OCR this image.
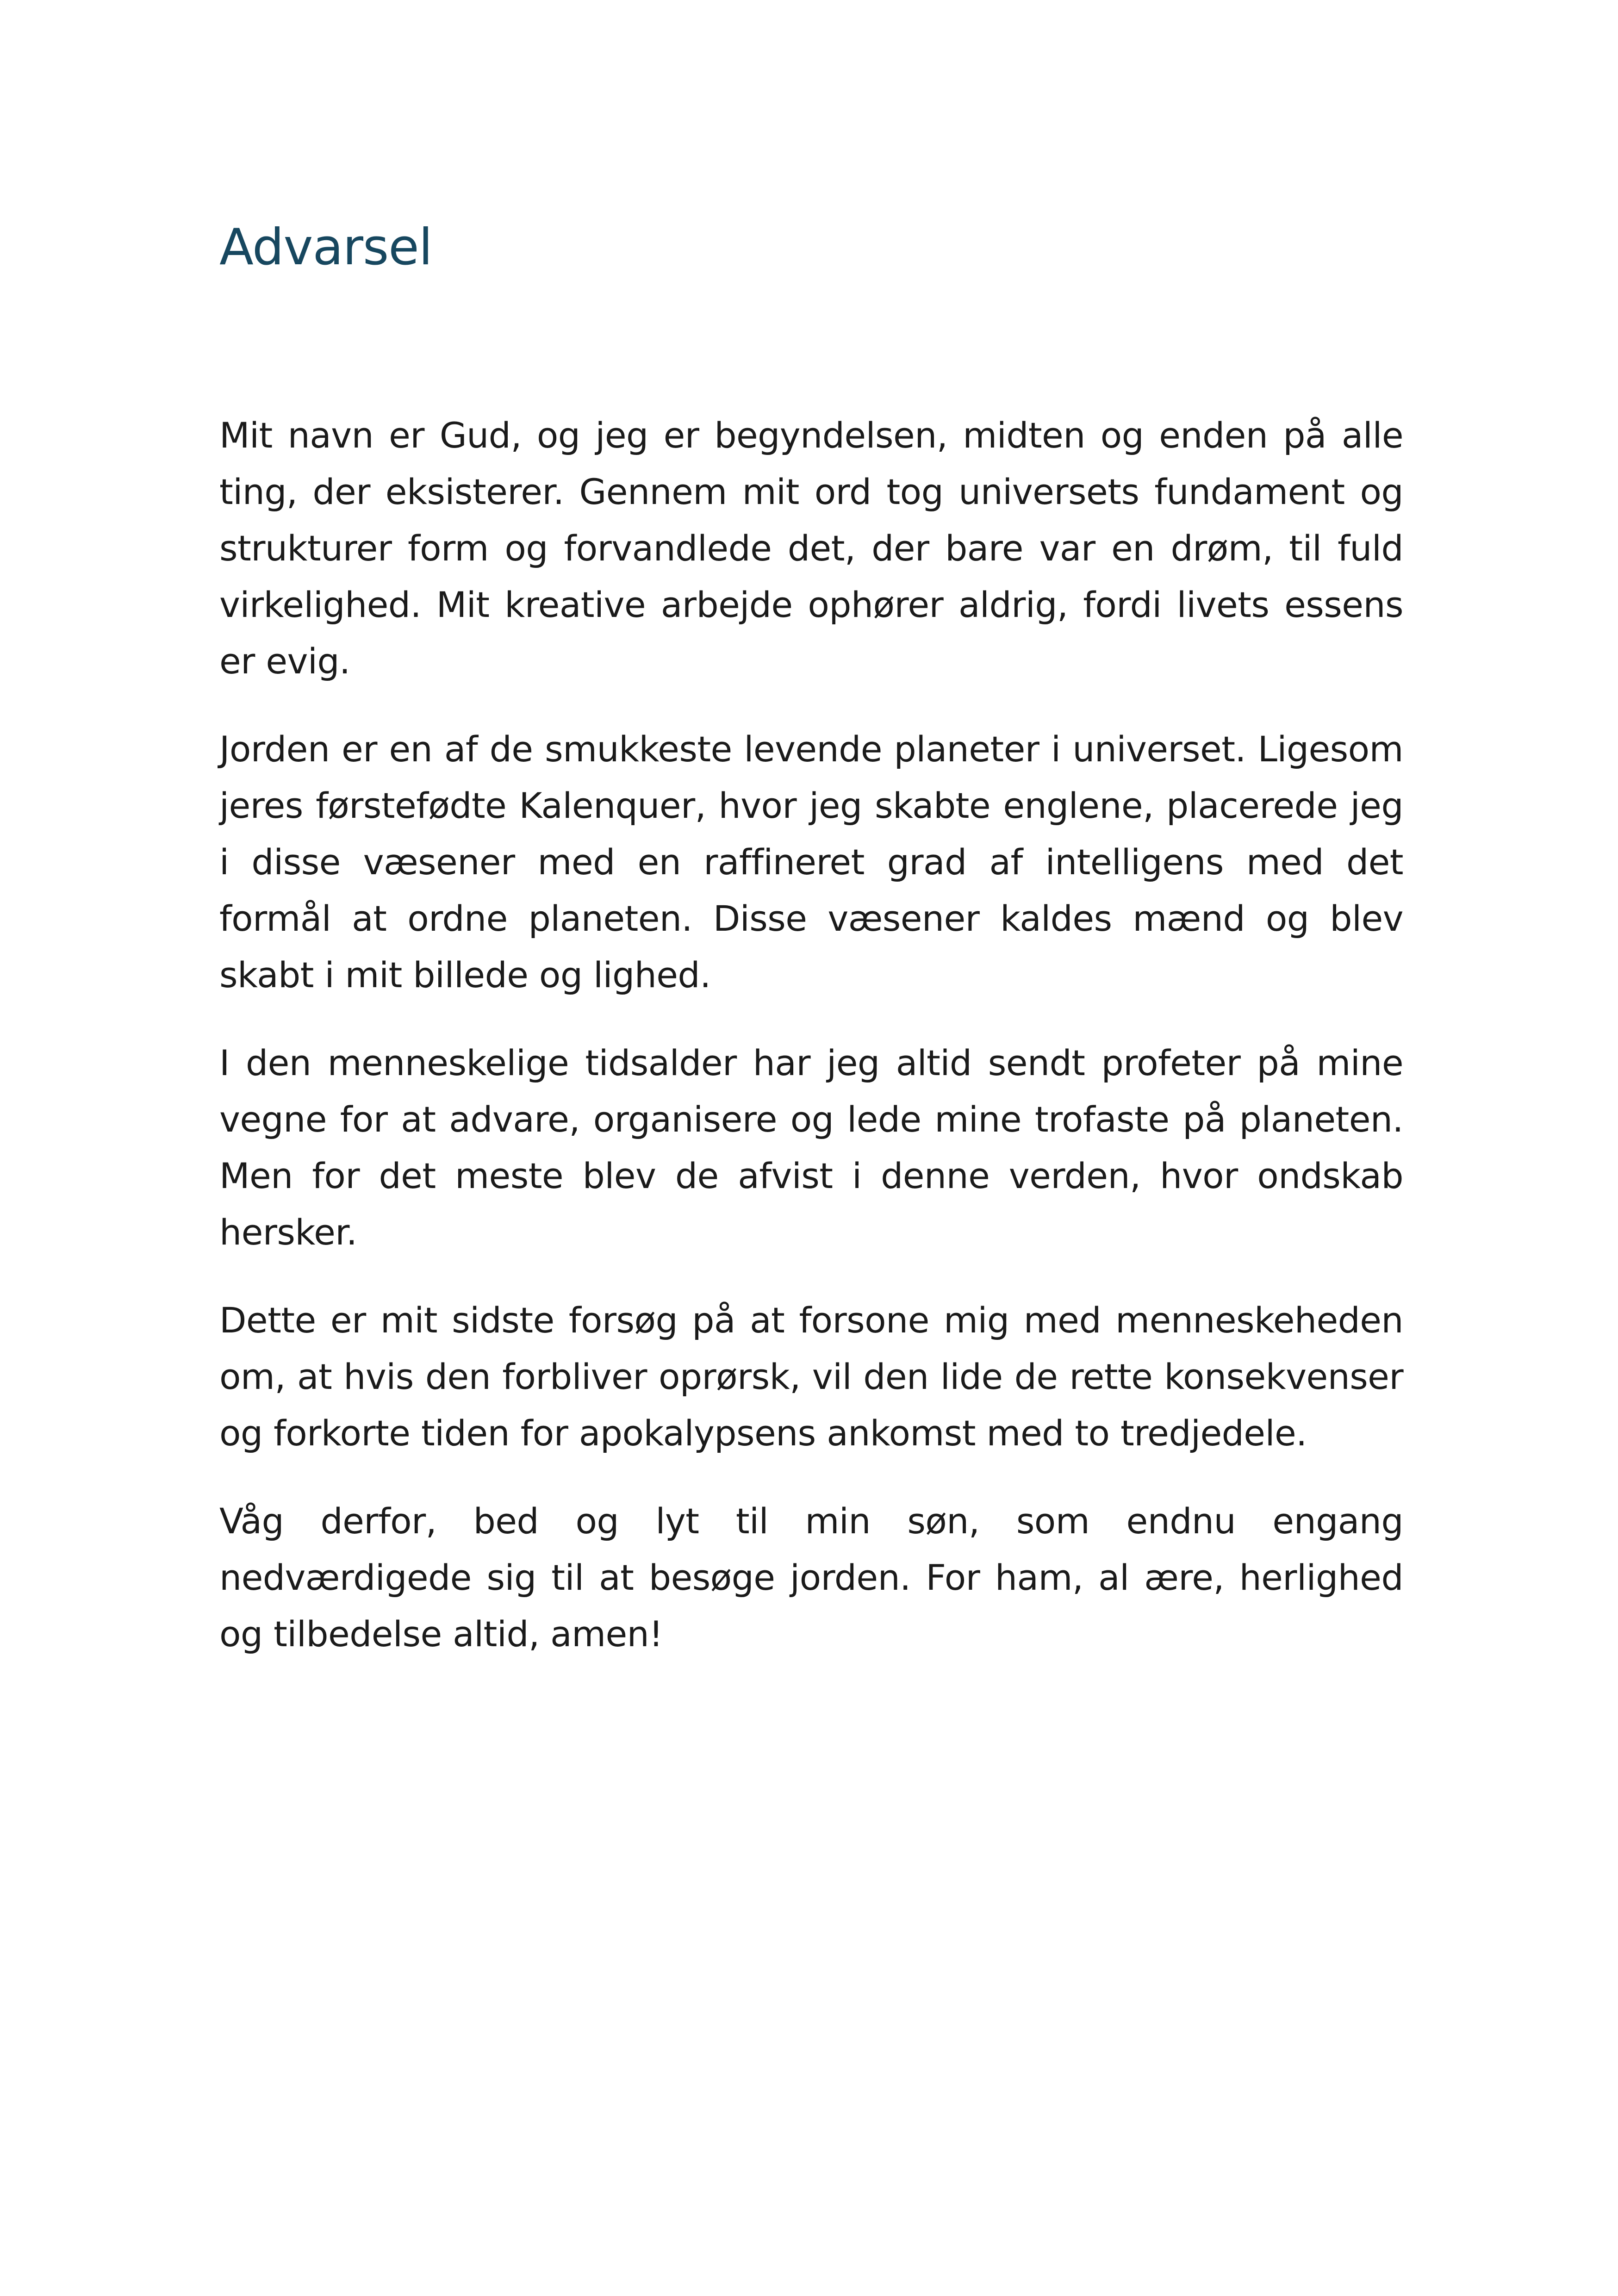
Advarsel

Mit navn er Gud, og jeg er begyndelsen, midten og enden på alle ting, der eksisterer. Gennem mit ord tog universets fundament og strukturer form og forvandlede det, der bare var en drøm, til fuld virkelighed. Mit kreative arbejde ophører aldrig, fordi livets essens er evig.

Jorden er en af de smukkeste levende planeter i universet. Ligesom jeres førstefødte Kalenquer, hvor jeg skabte englene, placerede jeg i disse væsener med en raffineret grad af intelligens med det formål at ordne planeten. Disse væsener kaldes mænd og blev skabt i mit billede og lighed.

I den menneskelige tidsalder har jeg altid sendt profeter på mine vegne for at advare, organisere og lede mine trofaste på planeten. Men for det meste blev de afvist i denne verden, hvor ondskab hersker.

Dette er mit sidste forsøg på at forsone mig med menneskeheden om, at hvis den forbliver oprørsk, vil den lide de rette konsekvenser og forkorte tiden for apokalypsens ankomst med to tredjedele.

Våg derfor, bed og lyt til min søn, som endnu engang nedværdigede sig til at besøge jorden. For ham, al ære, herlighed og tilbedelse altid, amen!
